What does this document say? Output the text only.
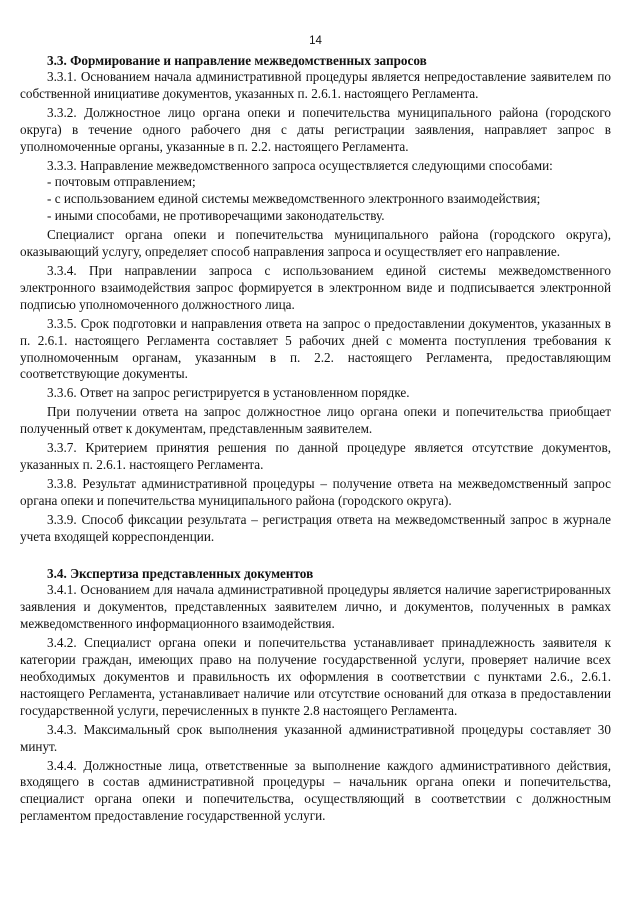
14
3.3. Формирование и направление межведомственных запросов

3.3.1. Основанием начала административной процедуры является непредоставление заявителем по собственной инициативе документов, указанных п. 2.6.1. настоящего Регламента.

3.3.2. Должностное лицо органа опеки и попечительства муниципального района (городского округа) в течение одного рабочего дня с даты регистрации заявления, направляет запрос в уполномоченные органы, указанные в п. 2.2. настоящего Регламента.

3.3.3. Направление межведомственного запроса осуществляется следующими способами:

- почтовым отправлением;
- с использованием единой системы межведомственного электронного взаимодействия;
- иными способами, не противоречащими законодательству.

Специалист органа опеки и попечительства муниципального района (городского округа), оказывающий услугу, определяет способ направления запроса и осуществляет его направление.

3.3.4. При направлении запроса с использованием единой системы межведомственного электронного взаимодействия запрос формируется в электронном виде и подписывается электронной подписью уполномоченного должностного лица.

3.3.5. Срок подготовки и направления ответа на запрос о предоставлении документов, указанных в п. 2.6.1. настоящего Регламента составляет 5 рабочих дней с момента поступления требования к уполномоченным органам, указанным в п. 2.2. настоящего Регламента, предоставляющим соответствующие документы.

3.3.6. Ответ на запрос регистрируется в установленном порядке.

При получении ответа на запрос должностное лицо органа опеки и попечительства приобщает полученный ответ к документам, представленным заявителем.

3.3.7. Критерием принятия решения по данной процедуре является отсутствие документов, указанных п. 2.6.1. настоящего Регламента.

3.3.8. Результат административной процедуры – получение ответа на межведомственный запрос органа опеки и попечительства муниципального района (городского округа).

3.3.9. Способ фиксации результата – регистрация ответа на межведомственный запрос в журнале учета входящей корреспонденции.

3.4. Экспертиза представленных документов

3.4.1. Основанием для начала административной процедуры является наличие зарегистрированных заявления и документов, представленных заявителем лично, и документов, полученных в рамках межведомственного информационного взаимодействия.

3.4.2. Специалист органа опеки и попечительства устанавливает принадлежность заявителя к категории граждан, имеющих право на получение государственной услуги, проверяет наличие всех необходимых документов и правильность их оформления в соответствии с пунктами 2.6., 2.6.1. настоящего Регламента, устанавливает наличие или отсутствие оснований для отказа в предоставлении государственной услуги, перечисленных в пункте 2.8 настоящего Регламента.

3.4.3. Максимальный срок выполнения указанной административной процедуры составляет 30 минут.

3.4.4. Должностные лица, ответственные за выполнение каждого административного действия, входящего в состав административной процедуры – начальник органа опеки и попечительства, специалист органа опеки и попечительства, осуществляющий в соответствии с должностным регламентом предоставление государственной услуги.
